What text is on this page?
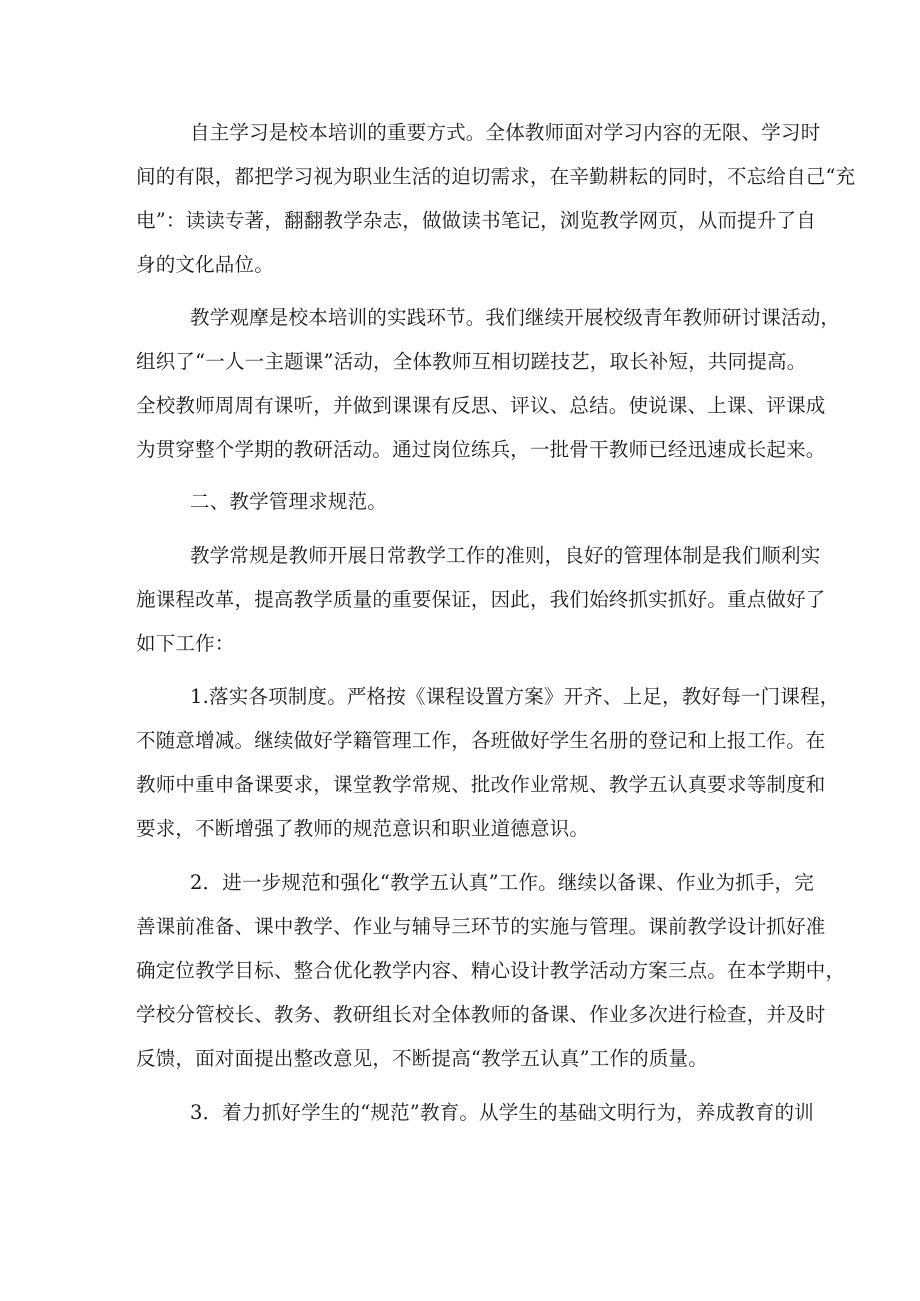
自主学习是校本培训的重要方式。全体教师面对学习内容的无限、学习时
间的有限，都把学习视为职业生活的迫切需求，在辛勤耕耘的同时，不忘给自己“充
电”：读读专著，翻翻教学杂志，做做读书笔记，浏览教学网页，从而提升了自
身的文化品位。
教学观摩是校本培训的实践环节。我们继续开展校级青年教师研讨课活动，
组织了“一人一主题课”活动，全体教师互相切蹉技艺，取长补短，共同提高。
全校教师周周有课听，并做到课课有反思、评议、总结。使说课、上课、评课成
为贯穿整个学期的教研活动。通过岗位练兵，一批骨干教师已经迅速成长起来。
二、教学管理求规范。
教学常规是教师开展日常教学工作的准则，良好的管理体制是我们顺利实
施课程改革，提高教学质量的重要保证，因此，我们始终抓实抓好。重点做好了
如下工作：
1.落实各项制度。严格按《课程设置方案》开齐、上足，教好每一门课程，
不随意增减。继续做好学籍管理工作，各班做好学生名册的登记和上报工作。在
教师中重申备课要求，课堂教学常规、批改作业常规、教学五认真要求等制度和
要求，不断增强了教师的规范意识和职业道德意识。
2．进一步规范和强化“教学五认真”工作。继续以备课、作业为抓手，完
善课前准备、课中教学、作业与辅导三环节的实施与管理。课前教学设计抓好准
确定位教学目标、整合优化教学内容、精心设计教学活动方案三点。在本学期中，
学校分管校长、教务、教研组长对全体教师的备课、作业多次进行检查，并及时
反馈，面对面提出整改意见，不断提高“教学五认真”工作的质量。
3．着力抓好学生的“规范”教育。从学生的基础文明行为，养成教育的训
